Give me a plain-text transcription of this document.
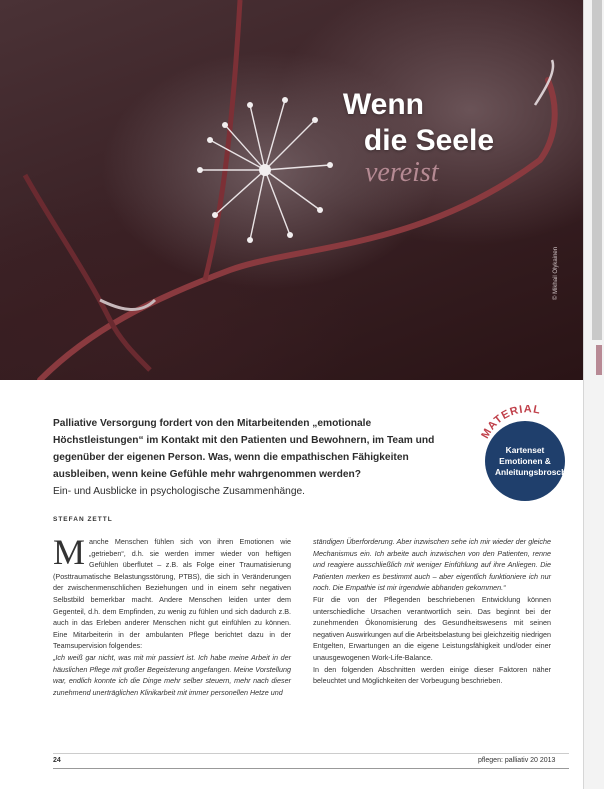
Wenn
die Seele
vereist
© Mikhail Olykainen
Palliative Versorgung fordert von den Mitarbeitenden „emotionale Höchstleistungen“ im Kontakt mit den Patienten und Bewohnern, im Team und gegenüber der eigenen Person. Was, wenn die empathischen Fähigkeiten ausbleiben, wenn keine Gefühle mehr wahrgenommen werden?
Ein- und Ausblicke in psychologische Zusammenhänge.
MATERIAL
Kartenset Emotionen & Anleitungsbroschüre
STEFAN ZETTL

Manche Menschen fühlen sich von ihren Emotionen wie „getrieben“, d.h. sie werden immer wieder von heftigen Gefühlen überflutet – z.B. als Folge einer Traumatisierung (Posttraumatische Belastungsstörung, PTBS), die sich in Veränderungen der zwischenmenschlichen Beziehungen und in einem sehr negativen Selbstbild bemerkbar macht. Andere Menschen leiden unter dem Gegenteil, d.h. dem Empfinden, zu wenig zu fühlen und sich dadurch z.B. auch in das Erleben anderer Menschen nicht gut einfühlen zu können. Eine Mitarbeiterin in der ambulanten Pflege berichtet dazu in der Teamsupervision folgendes:

„Ich weiß gar nicht, was mit mir passiert ist. Ich habe meine Arbeit in der häuslichen Pflege mit großer Begeisterung angefangen. Meine Vorstellung war, endlich konnte ich die Dinge mehr selber steuern, mehr nach dieser zunehmend unerträglichen Klinikarbeit mit immer personellen Hetze und

ständigen Überforderung. Aber inzwischen sehe ich mir wieder der gleiche Mechanismus ein. Ich arbeite auch inzwischen von den Patienten, renne und reagiere ausschließlich mit weniger Einfühlung auf ihre Anliegen. Die Patienten merken es bestimmt auch – aber eigentlich funktioniere ich nur noch. Die Empathie ist mir irgendwie abhanden gekommen.“

Für die von der Pflegenden beschriebenen Entwicklung können unterschiedliche Ursachen verantwortlich sein. Das beginnt bei der zunehmenden Ökonomisierung des Gesundheitswesens mit seinen negativen Auswirkungen auf die Arbeitsbelastung bei gleichzeitig niedrigen Entgelten, Erwartungen an die eigene Leistungsfähigkeit und/oder einer unausgewogenen Work-Life-Balance.

In den folgenden Abschnitten werden einige dieser Faktoren näher beleuchtet und Möglichkeiten der Vorbeugung beschrieben.

24	pflegen: palliativ 20 2013
